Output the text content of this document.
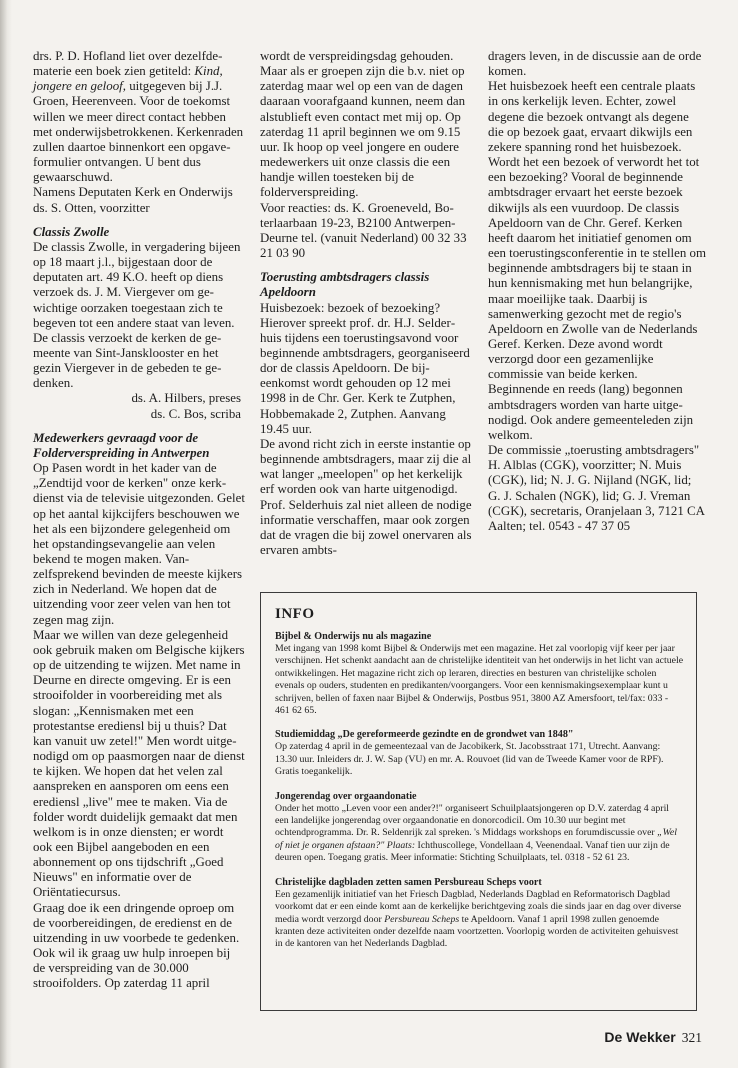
drs. P. D. Hofland liet over dezelfdematerie een boek zien getiteld: Kind, jongere en geloof, uitgegeven bij J.J. Groen, Heerenveen. Voor de toekomst willen we meer direct contact hebben met onderwijsbetrokkenen. Kerkenraden zullen daartoe binnenkort een opgave-formulier ontvangen. U bent dus gewaarschuwd.

Namens Deputaten Kerk en Onderwijs ds. S. Otten, voorzitter

Classis Zwolle

De classis Zwolle, in vergadering bijeen op 18 maart j.l., bijgestaan door de deputaten art. 49 K.O. heeft op diens verzoek ds. J. M. Viergever om gewichtige oorzaken toegestaan zich te begeven tot een andere staat van leven. De classis verzoekt de kerken de gemeente van Sint-Jansklooster en het gezin Viergever in de gebeden te gedenken.

ds. A. Hilbers, preses

ds. C. Bos, scriba

Medewerkers gevraagd voor de Folderverspreiding in Antwerpen

Op Pasen wordt in het kader van de „Zendtijd voor de kerken" onze kerkdienst via de televisie uitgezonden. Gelet op het aantal kijkcijfers beschouwen we het als een bijzondere gelegenheid om het opstandingsevangelie aan velen bekend te mogen maken. Vanzelfsprekend bevinden de meeste kijkers zich in Nederland. We hopen dat de uitzending voor zeer velen van hen tot zegen mag zijn.

Maar we willen van deze gelegenheid ook gebruik maken om Belgische kijkers op de uitzending te wijzen. Met name in Deurne en directe omgeving. Er is een strooifolder in voorbereiding met als slogan: „Kennismaken met een protestantse erediensl bij u thuis? Dat kan vanuit uw zetel!" Men wordt uitgenodigd om op paasmorgen naar de dienst te kijken. We hopen dat het velen zal aanspreken en aansporen om eens een erediensl „live" mee te maken. Via de folder wordt duidelijk gemaakt dat men welkom is in onze diensten; er wordt ook een Bijbel aangeboden en een abonnement op ons tijdschrift „Goed Nieuws" en informatie over de Oriëntatiecursus.

Graag doe ik een dringende oproep om de voorbereidingen, de eredienst en de uitzending in uw voorbede te gedenken. Ook wil ik graag uw hulp inroepen bij de verspreiding van de 30.000 strooifolders. Op zaterdag 11 april

wordt de verspreidingsdag gehouden. Maar als er groepen zijn die b.v. niet op zaterdag maar wel op een van de dagen daaraan voorafgaand kunnen, neem dan alstublieft even contact met mij op. Op zaterdag 11 april beginnen we om 9.15 uur. Ik hoop op veel jongere en oudere medewerkers uit onze classis die een handje willen toesteken bij de folderverspreiding.

Voor reacties: ds. K. Groeneveld, Boterlaarbaan 19-23, B2100 Antwerpen-Deurne tel. (vanuit Nederland) 00 32 33 21 03 90

Toerusting ambtsdragers classis Apeldoorn

Huisbezoek: bezoek of bezoeking? Hierover spreekt prof. dr. H.J. Selderhuis tijdens een toerustingsavond voor beginnende ambtsdragers, georganiseerd dor de classis Apeldoorn. De bijeenkomst wordt gehouden op 12 mei 1998 in de Chr. Ger. Kerk te Zutphen, Hobbemakade 2, Zutphen. Aanvang 19.45 uur.

De avond richt zich in eerste instantie op beginnende ambtsdragers, maar zij die al wat langer „meelopen" op het kerkelijk erf worden ook van harte uitgenodigd. Prof. Selderhuis zal niet alleen de nodige informatie verschaffen, maar ook zorgen dat de vragen die bij zowel onervaren als ervaren ambts-

dragers leven, in de discussie aan de orde komen.

Het huisbezoek heeft een centrale plaats in ons kerkelijk leven. Echter, zowel degene die bezoek ontvangt als degene die op bezoek gaat, ervaart dikwijls een zekere spanning rond het huisbezoek. Wordt het een bezoek of verwordt het tot een bezoeking? Vooral de beginnende ambtsdrager ervaart het eerste bezoek dikwijls als een vuurdoop. De classis Apeldoorn van de Chr. Geref. Kerken heeft daarom het initiatief genomen om een toerustingsconferentie in te stellen om beginnende ambtsdragers bij te staan in hun kennismaking met hun belangrijke, maar moeilijke taak. Daarbij is samenwerking gezocht met de regio's Apeldoorn en Zwolle van de Nederlands Geref. Kerken. Deze avond wordt verzorgd door een gezamenlijke commissie van beide kerken.

Beginnende en reeds (lang) begonnen ambtsdragers worden van harte uitgenodigd. Ook andere gemeenteleden zijn welkom.

De commissie „toerusting ambtsdragers" H. Alblas (CGK), voorzitter; N. Muis (CGK), lid; N. J. G. Nijland (NGK, lid; G. J. Schalen (NGK), lid; G. J. Vreman (CGK), secretaris, Oranjelaan 3, 7121 CA Aalten; tel. 0543 - 47 37 05

INFO

Bijbel & Onderwijs nu als magazine

Met ingang van 1998 komt Bijbel & Onderwijs met een magazine. Het zal voorlopig vijf keer per jaar verschijnen. Het schenkt aandacht aan de christelijke identiteit van het onderwijs in het licht van actuele ontwikkelingen. Het magazine richt zich op leraren, directies en besturen van christelijke scholen evenals op ouders, studenten en predikanten/voorgangers. Voor een kennismakingsexemplaar kunt u schrijven, bellen of faxen naar Bijbel & Onderwijs, Postbus 951, 3800 AZ Amersfoort, tel/fax: 033 - 461 62 65.

Studiemiddag „De gereformeerde gezindte en de grondwet van 1848"

Op zaterdag 4 april in de gemeentezaal van de Jacobikerk, St. Jacobsstraat 171, Utrecht. Aanvang: 13.30 uur. Inleiders dr. J. W. Sap (VU) en mr. A. Rouvoet (lid van de Tweede Kamer voor de RPF). Gratis toegankelijk.

Jongerendag over orgaandonatie

Onder het motto „Leven voor een ander?!" organiseert Schuilplaatsjongeren op D.V. zaterdag 4 april een landelijke jongerendag over orgaandonatie en donorcodicil. Om 10.30 uur begint met ochtendprogramma. Dr. R. Seldenrijk zal spreken. 's Middags workshops en forumdiscussie over „Wel of niet je organen afstaan?" Plaats: Ichthuscollege, Vondellaan 4, Veenendaal. Vanaf tien uur zijn de deuren open. Toegang gratis. Meer informatie: Stichting Schuilplaats, tel. 0318 - 52 61 23.

Christelijke dagbladen zetten samen Persbureau Scheps voort

Een gezamenlijk initiatief van het Friesch Dagblad, Nederlands Dagblad en Reformatorisch Dagblad voorkomt dat er een einde komt aan de kerkelijke berichtgeving zoals die sinds jaar en dag over diverse media wordt verzorgd door Persbureau Scheps te Apeldoorn. Vanaf 1 april 1998 zullen genoemde kranten deze activiteiten onder dezelfde naam voortzetten. Voorlopig worden de activiteiten gehuisvest in de kantoren van het Nederlands Dagblad.

De Wekker 321
